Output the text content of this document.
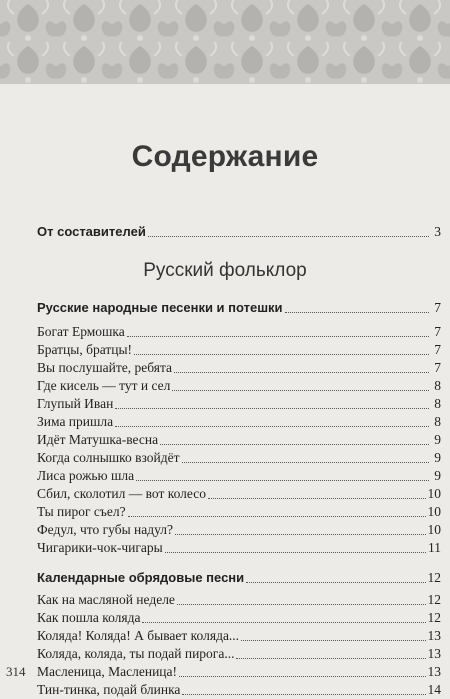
Содержание
От составителей	3
Русский фольклор
Русские народные песенки и потешки	7
Богат Ермошка	7
Братцы, братцы!	7
Вы послушайте, ребята	7
Где кисель — тут и сел	8
Глупый Иван	8
Зима пришла	8
Идёт Матушка-весна	9
Когда солнышко взойдёт	9
Лиса рожью шла	9
Сбил, сколотил — вот колесо	10
Ты пирог съел?	10
Федул, что губы надул?	10
Чигарики-чок-чигары	11
Календарные обрядовые песни	12
Как на масляной неделе	12
Как пошла коляда	12
Коляда! Коляда! А бывает коляда...	13
Коляда, коляда, ты подай пирога...	13
Масленица, Масленица!	13
Тин-тинка, подай блинка	14
314
